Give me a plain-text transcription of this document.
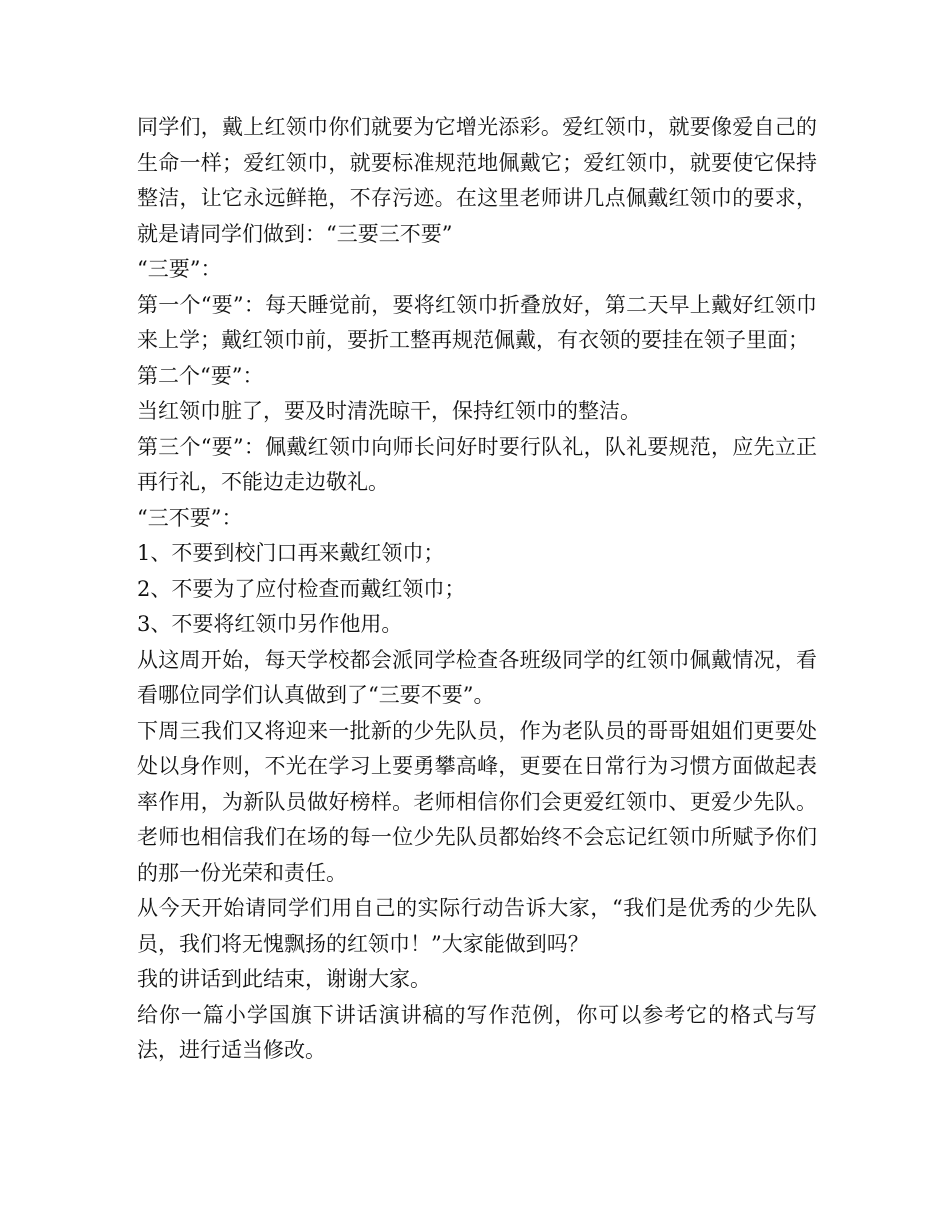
同学们，戴上红领巾你们就要为它增光添彩。爱红领巾，就要像爱自己的生命一样；爱红领巾，就要标准规范地佩戴它；爱红领巾，就要使它保持整洁，让它永远鲜艳，不存污迹。在这里老师讲几点佩戴红领巾的要求，就是请同学们做到：“三要三不要”

“三要”：

第一个“要”：每天睡觉前，要将红领巾折叠放好，第二天早上戴好红领巾来上学；戴红领巾前，要折工整再规范佩戴，有衣领的要挂在领子里面；

第二个“要”：

当红领巾脏了，要及时清洗晾干，保持红领巾的整洁。

第三个“要”：佩戴红领巾向师长问好时要行队礼，队礼要规范，应先立正再行礼，不能边走边敬礼。

“三不要”：

1、不要到校门口再来戴红领巾；

2、不要为了应付检查而戴红领巾；

3、不要将红领巾另作他用。

从这周开始，每天学校都会派同学检查各班级同学的红领巾佩戴情况，看看哪位同学们认真做到了“三要不要”。

下周三我们又将迎来一批新的少先队员，作为老队员的哥哥姐姐们更要处处以身作则，不光在学习上要勇攀高峰，更要在日常行为习惯方面做起表率作用，为新队员做好榜样。老师相信你们会更爱红领巾、更爱少先队。老师也相信我们在场的每一位少先队员都始终不会忘记红领巾所赋予你们的那一份光荣和责任。

从今天开始请同学们用自己的实际行动告诉大家，“我们是优秀的少先队员，我们将无愧飘扬的红领巾！”大家能做到吗？

我的讲话到此结束，谢谢大家。

给你一篇小学国旗下讲话演讲稿的写作范例，你可以参考它的格式与写法，进行适当修改。
